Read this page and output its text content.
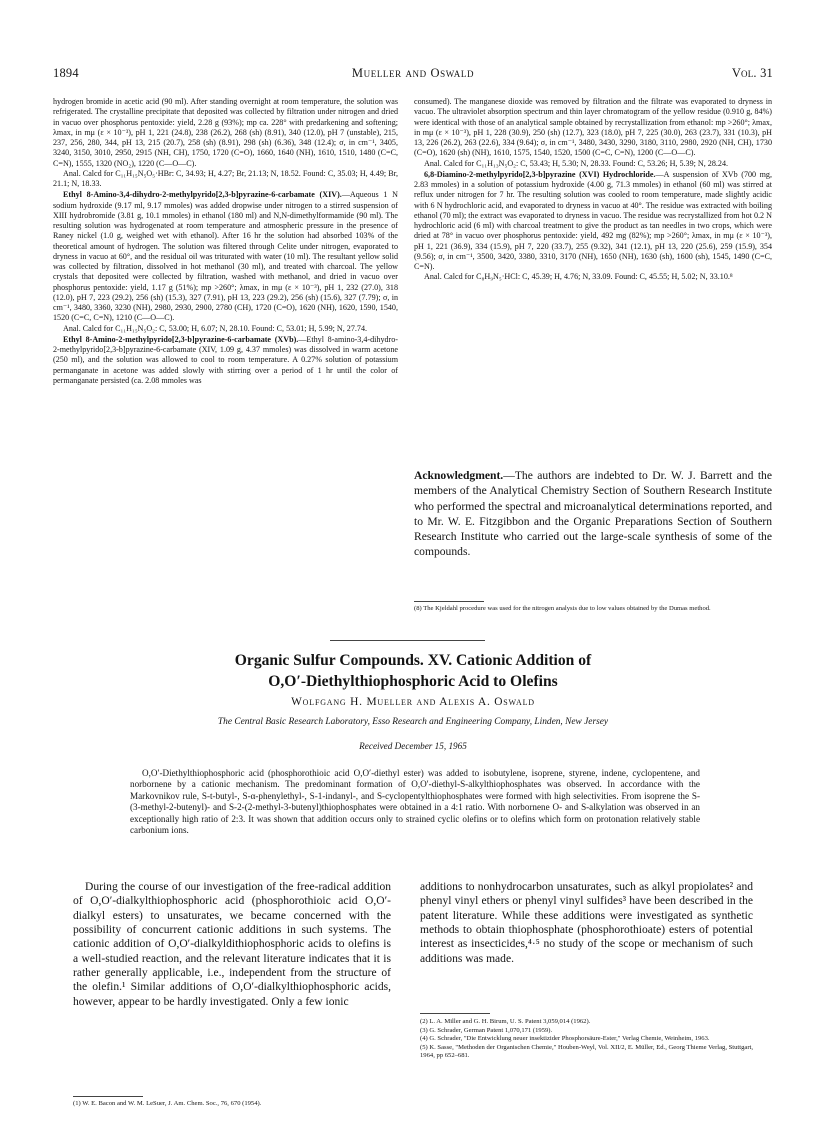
1894	Mueller and Oswald	Vol. 31

hydrogen bromide in acetic acid (90 ml). After standing overnight at room temperature, the solution was refrigerated. The crystalline precipitate that deposited was collected by filtration under nitrogen and dried in vacuo over phosphorus pentoxide: yield, 2.28 g (93%); mp ca. 228° with predarkening and softening; λmax, in mμ (ε × 10⁻³), pH 1, 221 (24.8), 238 (26.2), 268 (sh) (8.91), 340 (12.0), pH 7 (unstable), 215, 237, 256, 280, 344, pH 13, 215 (20.7), 258 (sh) (8.91), 298 (sh) (6.36), 348 (12.4); σ, in cm⁻¹, 3405, 3240, 3150, 3010, 2950, 2915 (NH, CH), 1750, 1720 (C=O), 1660, 1640 (NH), 1610, 1510, 1480 (C=C, C=N), 1555, 1320 (NO₂), 1220 (C—O—C).

Anal. Calcd for C₁₁H₁₅N₅O₅·HBr: C, 34.93; H, 4.27; Br, 21.13; N, 18.52. Found: C, 35.03; H, 4.49; Br, 21.1; N, 18.33.

Ethyl 8-Amino-3,4-dihydro-2-methylpyrido[2,3-b]pyrazine-6-carbamate (XIV).—Aqueous 1 N sodium hydroxide (9.17 ml, 9.17 mmoles) was added dropwise under nitrogen to a stirred suspension of XIII hydrobromide (3.81 g, 10.1 mmoles) in ethanol (180 ml) and N,N-dimethylformamide (90 ml). The resulting solution was hydrogenated at room temperature and atmospheric pressure in the presence of Raney nickel (1.0 g, weighed wet with ethanol). After 16 hr the solution had absorbed 103% of the theoretical amount of hydrogen. The solution was filtered through Celite under nitrogen, evaporated to dryness in vacuo at 60°, and the residual oil was triturated with water (10 ml). The resultant yellow solid was collected by filtration, dissolved in hot methanol (30 ml), and treated with charcoal. The yellow crystals that deposited were collected by filtration, washed with methanol, and dried in vacuo over phosphorus pentoxide: yield, 1.17 g (51%); mp >260°; λmax, in mμ (ε × 10⁻³), pH 1, 232 (27.0), 318 (12.0), pH 7, 223 (29.2), 256 (sh) (15.3), 327 (7.91), pH 13, 223 (29.2), 256 (sh) (15.6), 327 (7.79); σ, in cm⁻¹, 3480, 3360, 3230 (NH), 2980, 2930, 2900, 2780 (CH), 1720 (C=O), 1620 (NH), 1620, 1590, 1540, 1520 (C=C, C=N), 1210 (C—O—C).

Anal. Calcd for C₁₁H₁₅N₅O₂: C, 53.00; H, 6.07; N, 28.10. Found: C, 53.01; H, 5.99; N, 27.74.

Ethyl 8-Amino-2-methylpyrido[2,3-b]pyrazine-6-carbamate (XVb).—Ethyl 8-amino-3,4-dihydro-2-methylpyrido[2,3-b]pyrazine-6-carbamate (XIV, 1.09 g, 4.37 mmoles) was dissolved in warm acetone (250 ml), and the solution was allowed to cool to room temperature. A 0.27% solution of potassium permanganate in acetone was added slowly with stirring over a period of 1 hr until the color of permanganate persisted (ca. 2.08 mmoles was

consumed). The manganese dioxide was removed by filtration and the filtrate was evaporated to dryness in vacuo. The ultraviolet absorption spectrum and thin layer chromatogram of the yellow residue (0.910 g, 84%) were identical with those of an analytical sample obtained by recrystallization from ethanol: mp >260°; λmax, in mμ (ε × 10⁻³), pH 1, 228 (30.9), 250 (sh) (12.7), 323 (18.0), pH 7, 225 (30.0), 263 (23.7), 331 (10.3), pH 13, 226 (26.2), 263 (22.6), 334 (9.64); σ, in cm⁻¹, 3480, 3430, 3290, 3180, 3110, 2980, 2920 (NH, CH), 1730 (C=O), 1620 (sh) (NH), 1610, 1575, 1540, 1520, 1500 (C=C, C=N), 1200 (C—O—C).

Anal. Calcd for C₁₁H₁₃N₅O₂: C, 53.43; H, 5.30; N, 28.33. Found: C, 53.26; H, 5.39; N, 28.24.

6,8-Diamino-2-methylpyrido[2,3-b]pyrazine (XVI) Hydrochloride.—A suspension of XVb (700 mg, 2.83 mmoles) in a solution of potassium hydroxide (4.00 g, 71.3 mmoles) in ethanol (60 ml) was stirred at reflux under nitrogen for 7 hr. The resulting solution was cooled to room temperature, made slightly acidic with 6 N hydrochloric acid, and evaporated to dryness in vacuo at 40°. The residue was extracted with boiling ethanol (70 ml); the extract was evaporated to dryness in vacuo. The residue was recrystallized from hot 0.2 N hydrochloric acid (6 ml) with charcoal treatment to give the product as tan needles in two crops, which were dried at 78° in vacuo over phosphorus pentoxide: yield, 492 mg (82%); mp >260°; λmax, in mμ (ε × 10⁻³), pH 1, 221 (36.9), 334 (15.9), pH 7, 220 (33.7), 255 (9.32), 341 (12.1), pH 13, 220 (25.6), 259 (15.9), 354 (9.56); σ, in cm⁻¹, 3500, 3420, 3380, 3310, 3170 (NH), 1650 (NH), 1630 (sh), 1600 (sh), 1545, 1490 (C=C, C=N).

Anal. Calcd for C₈H₉N₅·HCl: C, 45.39; H, 4.76; N, 33.09. Found: C, 45.55; H, 5.02; N, 33.10.⁸

Acknowledgment.—The authors are indebted to Dr. W. J. Barrett and the members of the Analytical Chemistry Section of Southern Research Institute who performed the spectral and microanalytical determinations reported, and to Mr. W. E. Fitzgibbon and the Organic Preparations Section of Southern Research Institute who carried out the large-scale synthesis of some of the compounds.

(8) The Kjeldahl procedure was used for the nitrogen analysis due to low values obtained by the Dumas method.

Organic Sulfur Compounds. XV. Cationic Addition of
O,O′-Diethylthiophosphoric Acid to Olefins
Wolfgang H. Mueller and Alexis A. Oswald
The Central Basic Research Laboratory, Esso Research and Engineering Company, Linden, New Jersey
Received December 15, 1965

O,O′-Diethylthiophosphoric acid (phosphorothioic acid O,O′-diethyl ester) was added to isobutylene, isoprene, styrene, indene, cyclopentene, and norbornene by a cationic mechanism. The predominant formation of O,O′-diethyl-S-alkylthiophosphates was observed. In accordance with the Markovnikov rule, S-t-butyl-, S-α-phenylethyl-, S-1-indanyl-, and S-cyclopentylthiophosphates were formed with high selectivities. From isoprene the S-(3-methyl-2-butenyl)- and S-2-(2-methyl-3-butenyl)thiophosphates were obtained in a 4:1 ratio. With norbornene O- and S-alkylation was observed in an exceptionally high ratio of 2:3. It was shown that addition occurs only to strained cyclic olefins or to olefins which form on protonation relatively stable carbonium ions.

During the course of our investigation of the free-radical addition of O,O′-dialkylthiophosphoric acid (phosphorothioic acid O,O′-dialkyl esters) to unsaturates, we became concerned with the possibility of concurrent cationic additions in such systems. The cationic addition of O,O′-dialkyldithiophosphoric acids to olefins is a well-studied reaction, and the relevant literature indicates that it is rather generally applicable, i.e., independent from the structure of the olefin.¹ Similar additions of O,O′-dialkylthiophosphoric acids, however, appear to be hardly investigated. Only a few ionic

additions to nonhydrocarbon unsaturates, such as alkyl propiolates² and phenyl vinyl ethers or phenyl vinyl sulfides³ have been described in the patent literature. While these additions were investigated as synthetic methods to obtain thiophosphate (phosphorothioate) esters of potential interest as insecticides,⁴·⁵ no study of the scope or mechanism of such additions was made.

(2) L. A. Miller and G. H. Birum, U. S. Patent 3,059,014 (1962).

(3) G. Schrader, German Patent 1,070,171 (1959).

(4) G. Schrader, "Die Entwicklung neuer insektizider Phosphorsäure-Ester," Verlag Chemie, Weinheim, 1963.

(5) K. Sasse, "Methoden der Organischen Chemie," Houben-Weyl, Vol. XII/2, E. Müller, Ed., Georg Thieme Verlag, Stuttgart, 1964, pp 652–681.

(1) W. E. Bacon and W. M. LeSuer, J. Am. Chem. Soc., 76, 670 (1954).
